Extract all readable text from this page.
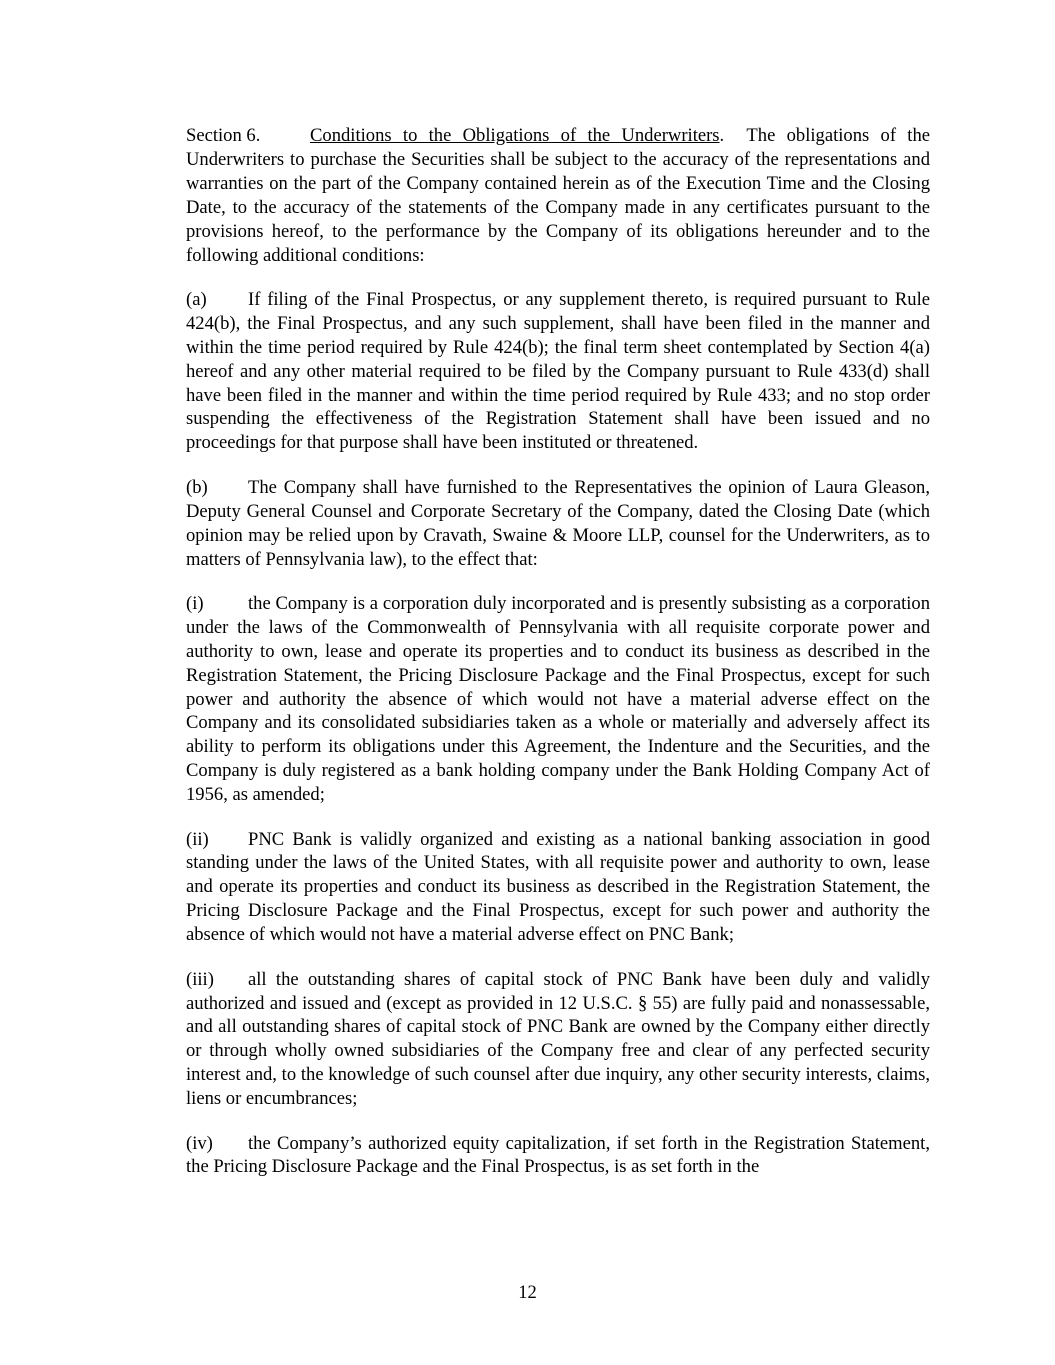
Section 6.	Conditions to the Obligations of the Underwriters.  The obligations of the Underwriters to purchase the Securities shall be subject to the accuracy of the representations and warranties on the part of the Company contained herein as of the Execution Time and the Closing Date, to the accuracy of the statements of the Company made in any certificates pursuant to the provisions hereof, to the performance by the Company of its obligations hereunder and to the following additional conditions:

(a) If filing of the Final Prospectus, or any supplement thereto, is required pursuant to Rule 424(b), the Final Prospectus, and any such supplement, shall have been filed in the manner and within the time period required by Rule 424(b); the final term sheet contemplated by Section 4(a) hereof and any other material required to be filed by the Company pursuant to Rule 433(d) shall have been filed in the manner and within the time period required by Rule 433; and no stop order suspending the effectiveness of the Registration Statement shall have been issued and no proceedings for that purpose shall have been instituted or threatened.

(b) The Company shall have furnished to the Representatives the opinion of Laura Gleason, Deputy General Counsel and Corporate Secretary of the Company, dated the Closing Date (which opinion may be relied upon by Cravath, Swaine & Moore LLP, counsel for the Underwriters, as to matters of Pennsylvania law), to the effect that:

(i) the Company is a corporation duly incorporated and is presently subsisting as a corporation under the laws of the Commonwealth of Pennsylvania with all requisite corporate power and authority to own, lease and operate its properties and to conduct its business as described in the Registration Statement, the Pricing Disclosure Package and the Final Prospectus, except for such power and authority the absence of which would not have a material adverse effect on the Company and its consolidated subsidiaries taken as a whole or materially and adversely affect its ability to perform its obligations under this Agreement, the Indenture and the Securities, and the Company is duly registered as a bank holding company under the Bank Holding Company Act of 1956, as amended;

(ii) PNC Bank is validly organized and existing as a national banking association in good standing under the laws of the United States, with all requisite power and authority to own, lease and operate its properties and conduct its business as described in the Registration Statement, the Pricing Disclosure Package and the Final Prospectus, except for such power and authority the absence of which would not have a material adverse effect on PNC Bank;

(iii) all the outstanding shares of capital stock of PNC Bank have been duly and validly authorized and issued and (except as provided in 12 U.S.C. § 55) are fully paid and nonassessable, and all outstanding shares of capital stock of PNC Bank are owned by the Company either directly or through wholly owned subsidiaries of the Company free and clear of any perfected security interest and, to the knowledge of such counsel after due inquiry, any other security interests, claims, liens or encumbrances;

(iv) the Company’s authorized equity capitalization, if set forth in the Registration Statement, the Pricing Disclosure Package and the Final Prospectus, is as set forth in the

12
